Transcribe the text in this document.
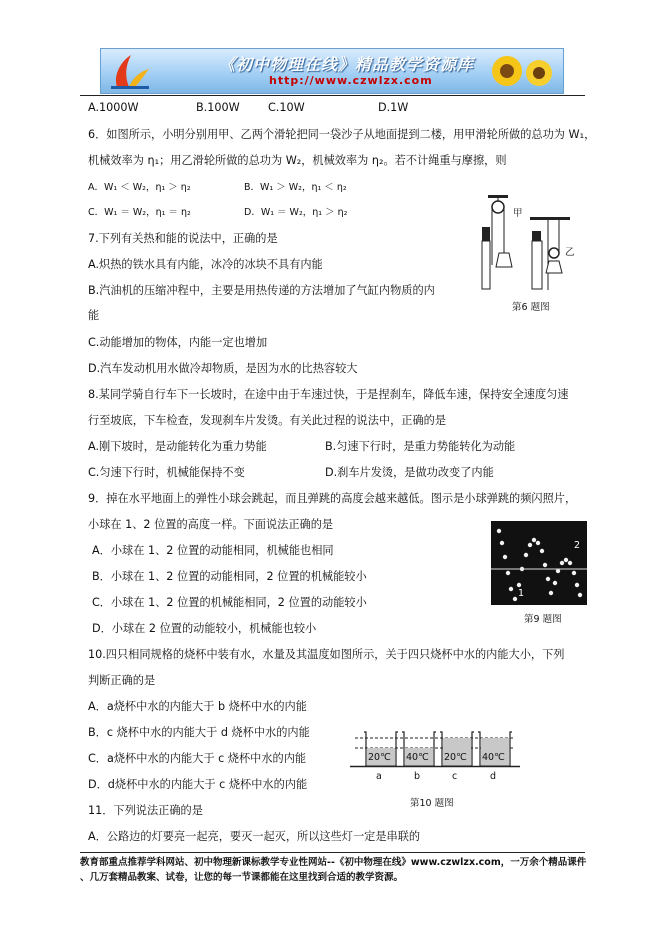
《初中物理在线》精品教学资源库
http://www.czwlzx.com
A.1000W	B.100W	C.10W	D.1W
6．如图所示，小明分别用甲、乙两个滑轮把同一袋沙子从地面提到二楼，用甲滑轮所做的总功为 W₁，
机械效率为 η₁；用乙滑轮所做的总功为 W₂，机械效率为 η₂。若不计绳重与摩擦，则
A．W₁ ＜ W₂，η₁ ＞ η₂	B．W₁ ＞ W₂，η₁ ＜ η₂
C．W₁ ＝ W₂，η₁ ＝ η₂	D．W₁ ＝ W₂，η₁ ＞ η₂	甲
乙
第6 题图
7.下列有关热和能的说法中，正确的是
A.炽热的铁水具有内能，冰冷的冰块不具有内能
B.汽油机的压缩冲程中，主要是用热传递的方法增加了气缸内物质的内
能
C.动能增加的物体，内能一定也增加
D.汽车发动机用水做冷却物质，是因为水的比热容较大
8.某同学骑自行车下一长坡时，在途中由于车速过快，于是捏刹车，降低车速，保持安全速度匀速
行至坡底，下车检查，发现刹车片发烫。有关此过程的说法中，正确的是
A.刚下坡时，是动能转化为重力势能	B.匀速下行时，是重力势能转化为动能
C.匀速下行时，机械能保持不变	D.刹车片发烫，是做功改变了内能
9．掉在水平地面上的弹性小球会跳起，而且弹跳的高度会越来越低。图示是小球弹跳的频闪照片，
小球在 1、2 位置的高度一样。下面说法正确的是
A．小球在 1、2 位置的动能相同，机械能也相同
B．小球在 1、2 位置的动能相同，2 位置的机械能较小
C．小球在 1、2 位置的机械能相同，2 位置的动能较小
D．小球在 2 位置的动能较小，机械能也较小
2
1
第9 题图
10.四只相同规格的烧杯中装有水，水量及其温度如图所示，关于四只烧杯中水的内能大小，下列
判断正确的是
A．a烧杯中水的内能大于 b 烧杯中水的内能
B．c 烧杯中水的内能大于 d 烧杯中水的内能
C．a烧杯中水的内能大于 c 烧杯中水的内能
D．d烧杯中水的内能大于 c 烧杯中水的内能
20℃ 40℃ 20℃ 40℃
a	b	c	d
第10 题图
11．下列说法正确的是
A．公路边的灯要亮一起亮，要灭一起灭，所以这些灯一定是串联的
教育部重点推荐学科网站、初中物理新课标教学专业性网站--《初中物理在线》www.czwlzx.com，一万余个精品课件
、几万套精品教案、试卷，让您的每一节课都能在这里找到合适的教学资源。
